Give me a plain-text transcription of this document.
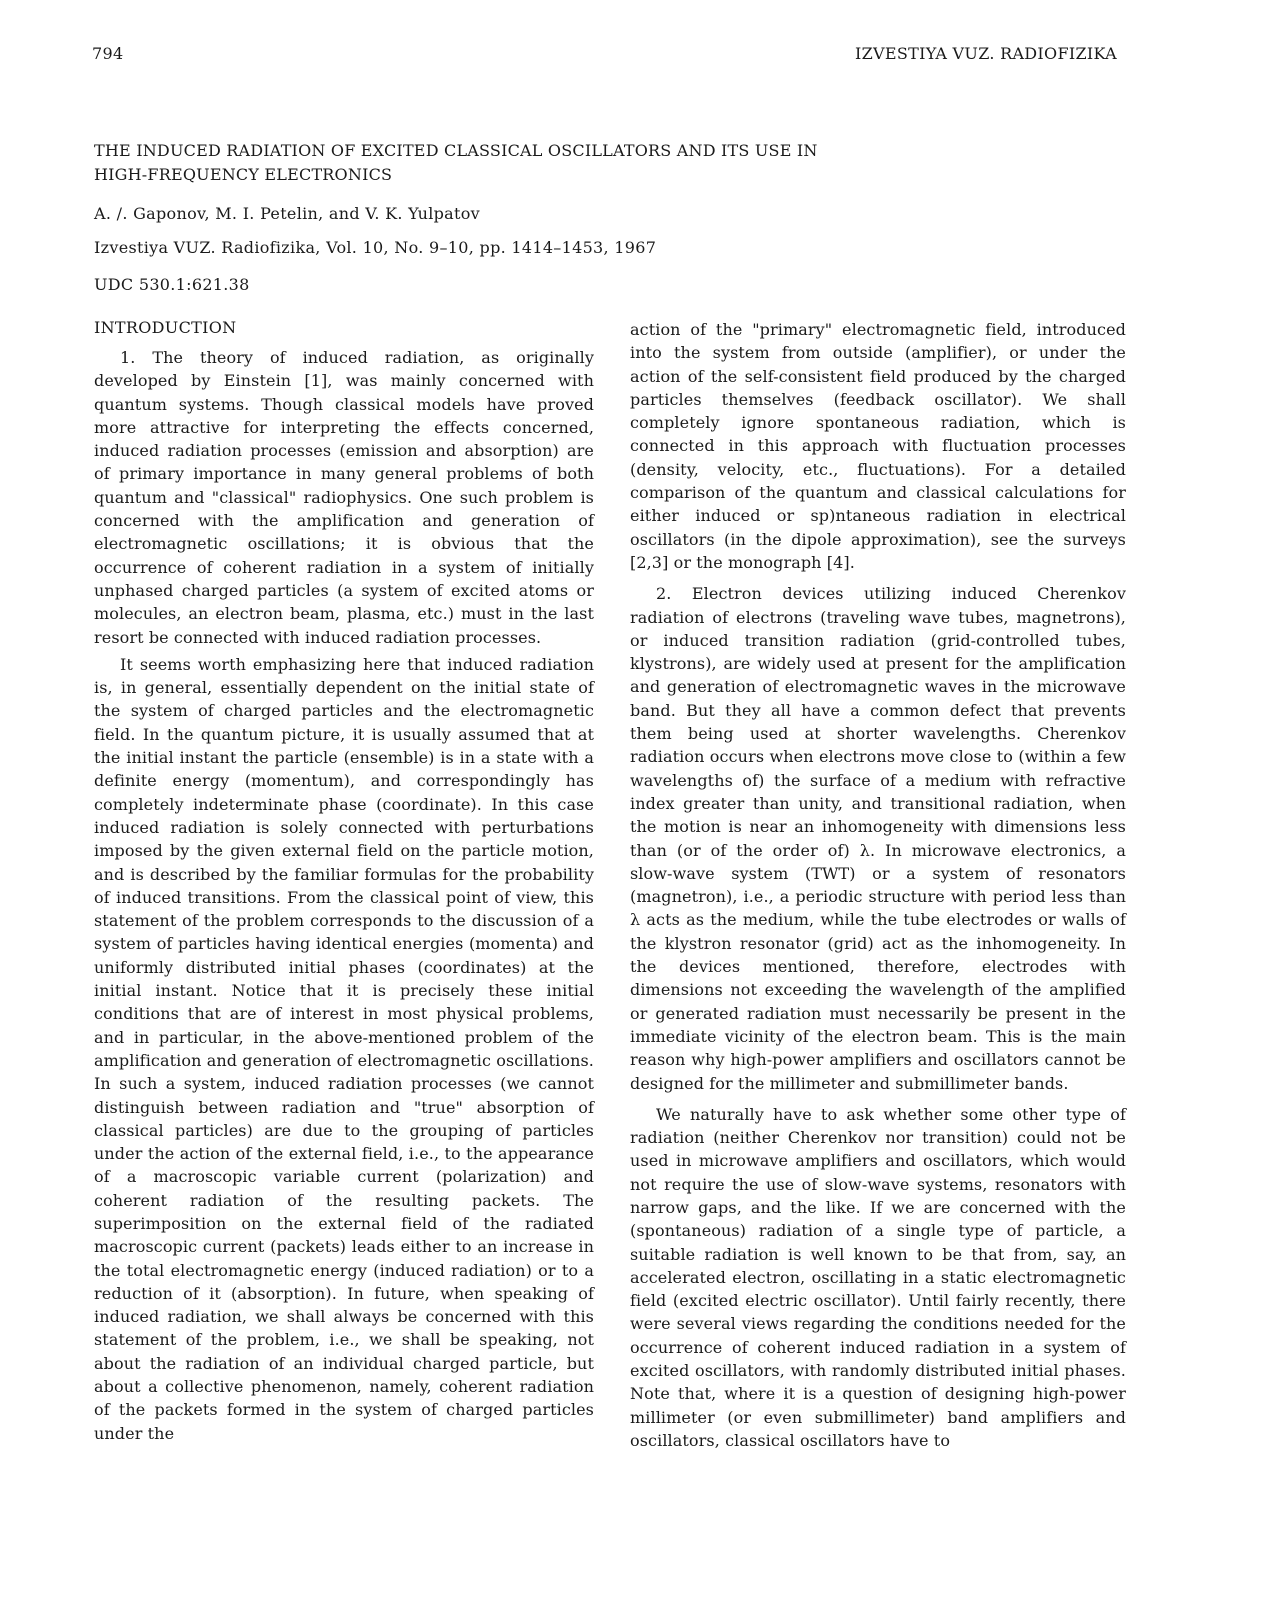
794	IZVESTIYA VUZ. RADIOFIZIKA
THE INDUCED RADIATION OF EXCITED CLASSICAL OSCILLATORS AND ITS USE IN HIGH-FREQUENCY ELECTRONICS
A. /. Gaponov, M. I. Petelin, and V. K. Yulpatov
Izvestiya VUZ. Radiofizika, Vol. 10, No. 9–10, pp. 1414–1453, 1967
UDC 530.1:621.38
INTRODUCTION

1. The theory of induced radiation, as originally developed by Einstein [1], was mainly concerned with quantum systems. Though classical models have proved more attractive for interpreting the effects concerned, induced radiation processes (emission and absorption) are of primary importance in many general problems of both quantum and "classical" radiophysics. One such problem is concerned with the amplification and generation of electromagnetic oscillations; it is obvious that the occurrence of coherent radiation in a system of initially unphased charged particles (a system of excited atoms or molecules, an electron beam, plasma, etc.) must in the last resort be connected with induced radiation processes.

It seems worth emphasizing here that induced radiation is, in general, essentially dependent on the initial state of the system of charged particles and the electromagnetic field. In the quantum picture, it is usually assumed that at the initial instant the particle (ensemble) is in a state with a definite energy (momentum), and correspondingly has completely indeterminate phase (coordinate). In this case induced radiation is solely connected with perturbations imposed by the given external field on the particle motion, and is described by the familiar formulas for the probability of induced transitions. From the classical point of view, this statement of the problem corresponds to the discussion of a system of particles having identical energies (momenta) and uniformly distributed initial phases (coordinates) at the initial instant. Notice that it is precisely these initial conditions that are of interest in most physical problems, and in particular, in the above-mentioned problem of the amplification and generation of electromagnetic oscillations. In such a system, induced radiation processes (we cannot distinguish between radiation and "true" absorption of classical particles) are due to the grouping of particles under the action of the external field, i.e., to the appearance of a macroscopic variable current (polarization) and coherent radiation of the resulting packets. The superimposition on the external field of the radiated macroscopic current (packets) leads either to an increase in the total electromagnetic energy (induced radiation) or to a reduction of it (absorption). In future, when speaking of induced radiation, we shall always be concerned with this statement of the problem, i.e., we shall be speaking, not about the radiation of an individual charged particle, but about a collective phenomenon, namely, coherent radiation of the packets formed in the system of charged particles under the

action of the "primary" electromagnetic field, introduced into the system from outside (amplifier), or under the action of the self-consistent field produced by the charged particles themselves (feedback oscillator). We shall completely ignore spontaneous radiation, which is connected in this approach with fluctuation processes (density, velocity, etc., fluctuations). For a detailed comparison of the quantum and classical calculations for either induced or sp)ntaneous radiation in electrical oscillators (in the dipole approximation), see the surveys [2,3] or the monograph [4].

2. Electron devices utilizing induced Cherenkov radiation of electrons (traveling wave tubes, magnetrons), or induced transition radiation (grid-controlled tubes, klystrons), are widely used at present for the amplification and generation of electromagnetic waves in the microwave band. But they all have a common defect that prevents them being used at shorter wavelengths. Cherenkov radiation occurs when electrons move close to (within a few wavelengths of) the surface of a medium with refractive index greater than unity, and transitional radiation, when the motion is near an inhomogeneity with dimensions less than (or of the order of) λ. In microwave electronics, a slow-wave system (TWT) or a system of resonators (magnetron), i.e., a periodic structure with period less than λ acts as the medium, while the tube electrodes or walls of the klystron resonator (grid) act as the inhomogeneity. In the devices mentioned, therefore, electrodes with dimensions not exceeding the wavelength of the amplified or generated radiation must necessarily be present in the immediate vicinity of the electron beam. This is the main reason why high-power amplifiers and oscillators cannot be designed for the millimeter and submillimeter bands.

We naturally have to ask whether some other type of radiation (neither Cherenkov nor transition) could not be used in microwave amplifiers and oscillators, which would not require the use of slow-wave systems, resonators with narrow gaps, and the like. If we are concerned with the (spontaneous) radiation of a single type of particle, a suitable radiation is well known to be that from, say, an accelerated electron, oscillating in a static electromagnetic field (excited electric oscillator). Until fairly recently, there were several views regarding the conditions needed for the occurrence of coherent induced radiation in a system of excited oscillators, with randomly distributed initial phases. Note that, where it is a question of designing high-power millimeter (or even submillimeter) band amplifiers and oscillators, classical oscillators have to
